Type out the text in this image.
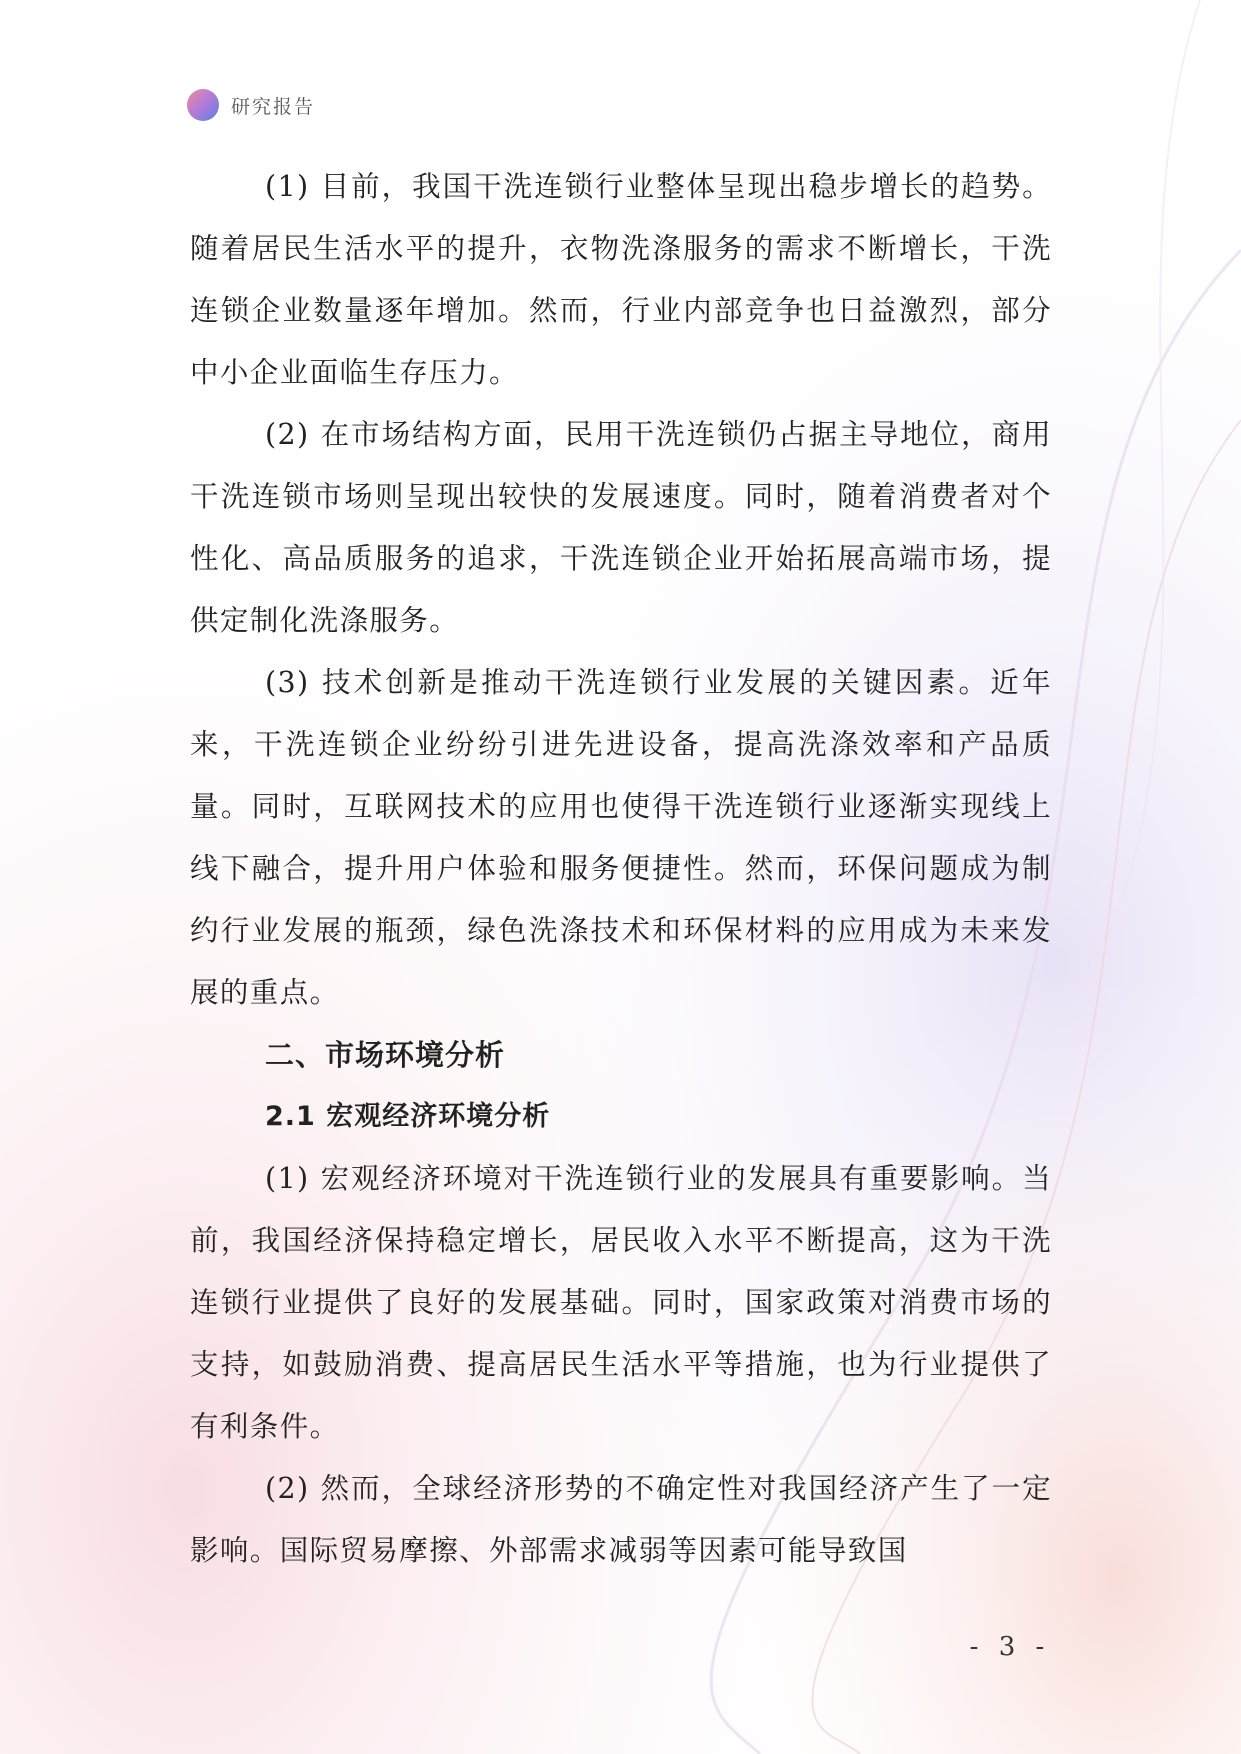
研究报告

(1) 目前，我国干洗连锁行业整体呈现出稳步增长的趋势。随着居民生活水平的提升，衣物洗涤服务的需求不断增长，干洗连锁企业数量逐年增加。然而，行业内部竞争也日益激烈，部分中小企业面临生存压力。

(2) 在市场结构方面，民用干洗连锁仍占据主导地位，商用干洗连锁市场则呈现出较快的发展速度。同时，随着消费者对个性化、高品质服务的追求，干洗连锁企业开始拓展高端市场，提供定制化洗涤服务。

(3) 技术创新是推动干洗连锁行业发展的关键因素。近年来，干洗连锁企业纷纷引进先进设备，提高洗涤效率和产品质量。同时，互联网技术的应用也使得干洗连锁行业逐渐实现线上线下融合，提升用户体验和服务便捷性。然而，环保问题成为制约行业发展的瓶颈，绿色洗涤技术和环保材料的应用成为未来发展的重点。

二、市场环境分析
2.1 宏观经济环境分析

(1) 宏观经济环境对干洗连锁行业的发展具有重要影响。当前，我国经济保持稳定增长，居民收入水平不断提高，这为干洗连锁行业提供了良好的发展基础。同时，国家政策对消费市场的支持，如鼓励消费、提高居民生活水平等措施，也为行业提供了有利条件。

(2) 然而，全球经济形势的不确定性对我国经济产生了一定影响。国际贸易摩擦、外部需求减弱等因素可能导致国

- 3 -
